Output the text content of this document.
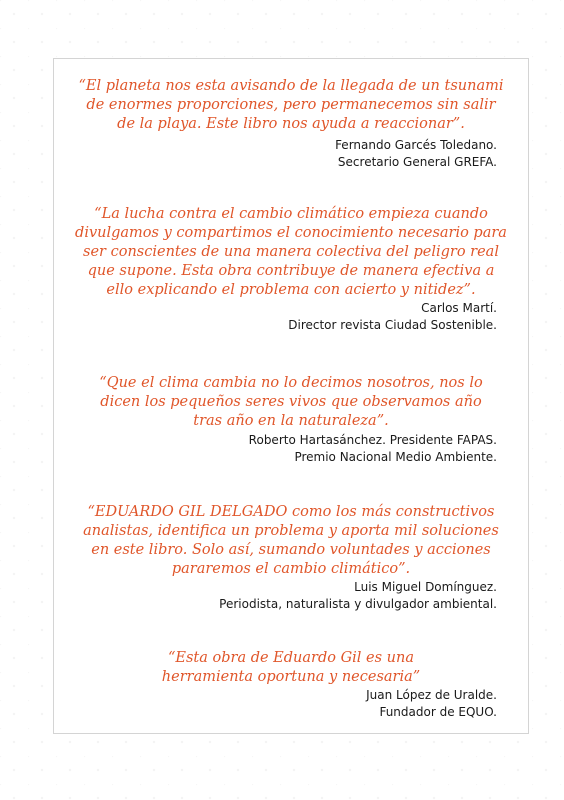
“El planeta nos esta avisando de la llegada de un tsunami de enormes proporciones, pero permanecemos sin salir de la playa. Este libro nos ayuda a reaccionar”.

Fernando Garcés Toledano.
Secretario General GREFA.

“La lucha contra el cambio climático empieza cuando divulgamos y compartimos el conocimiento necesario para ser conscientes de una manera colectiva del peligro real que supone. Esta obra contribuye de manera efectiva a ello explicando el problema con acierto y nitidez”.

Carlos Martí.
Director revista Ciudad Sostenible.

“Que el clima cambia no lo decimos nosotros, nos lo dicen los pequeños seres vivos que observamos año tras año en la naturaleza”.

Roberto Hartasánchez. Presidente FAPAS.
Premio Nacional Medio Ambiente.

“EDUARDO GIL DELGADO como los más constructivos analistas, identifica un problema y aporta mil soluciones en este libro. Solo así, sumando voluntades y acciones pararemos el cambio climático”.

Luis Miguel Domínguez.
Periodista, naturalista y divulgador ambiental.

“Esta obra de Eduardo Gil es una herramienta oportuna y necesaria”

Juan López de Uralde.
Fundador de EQUO.
